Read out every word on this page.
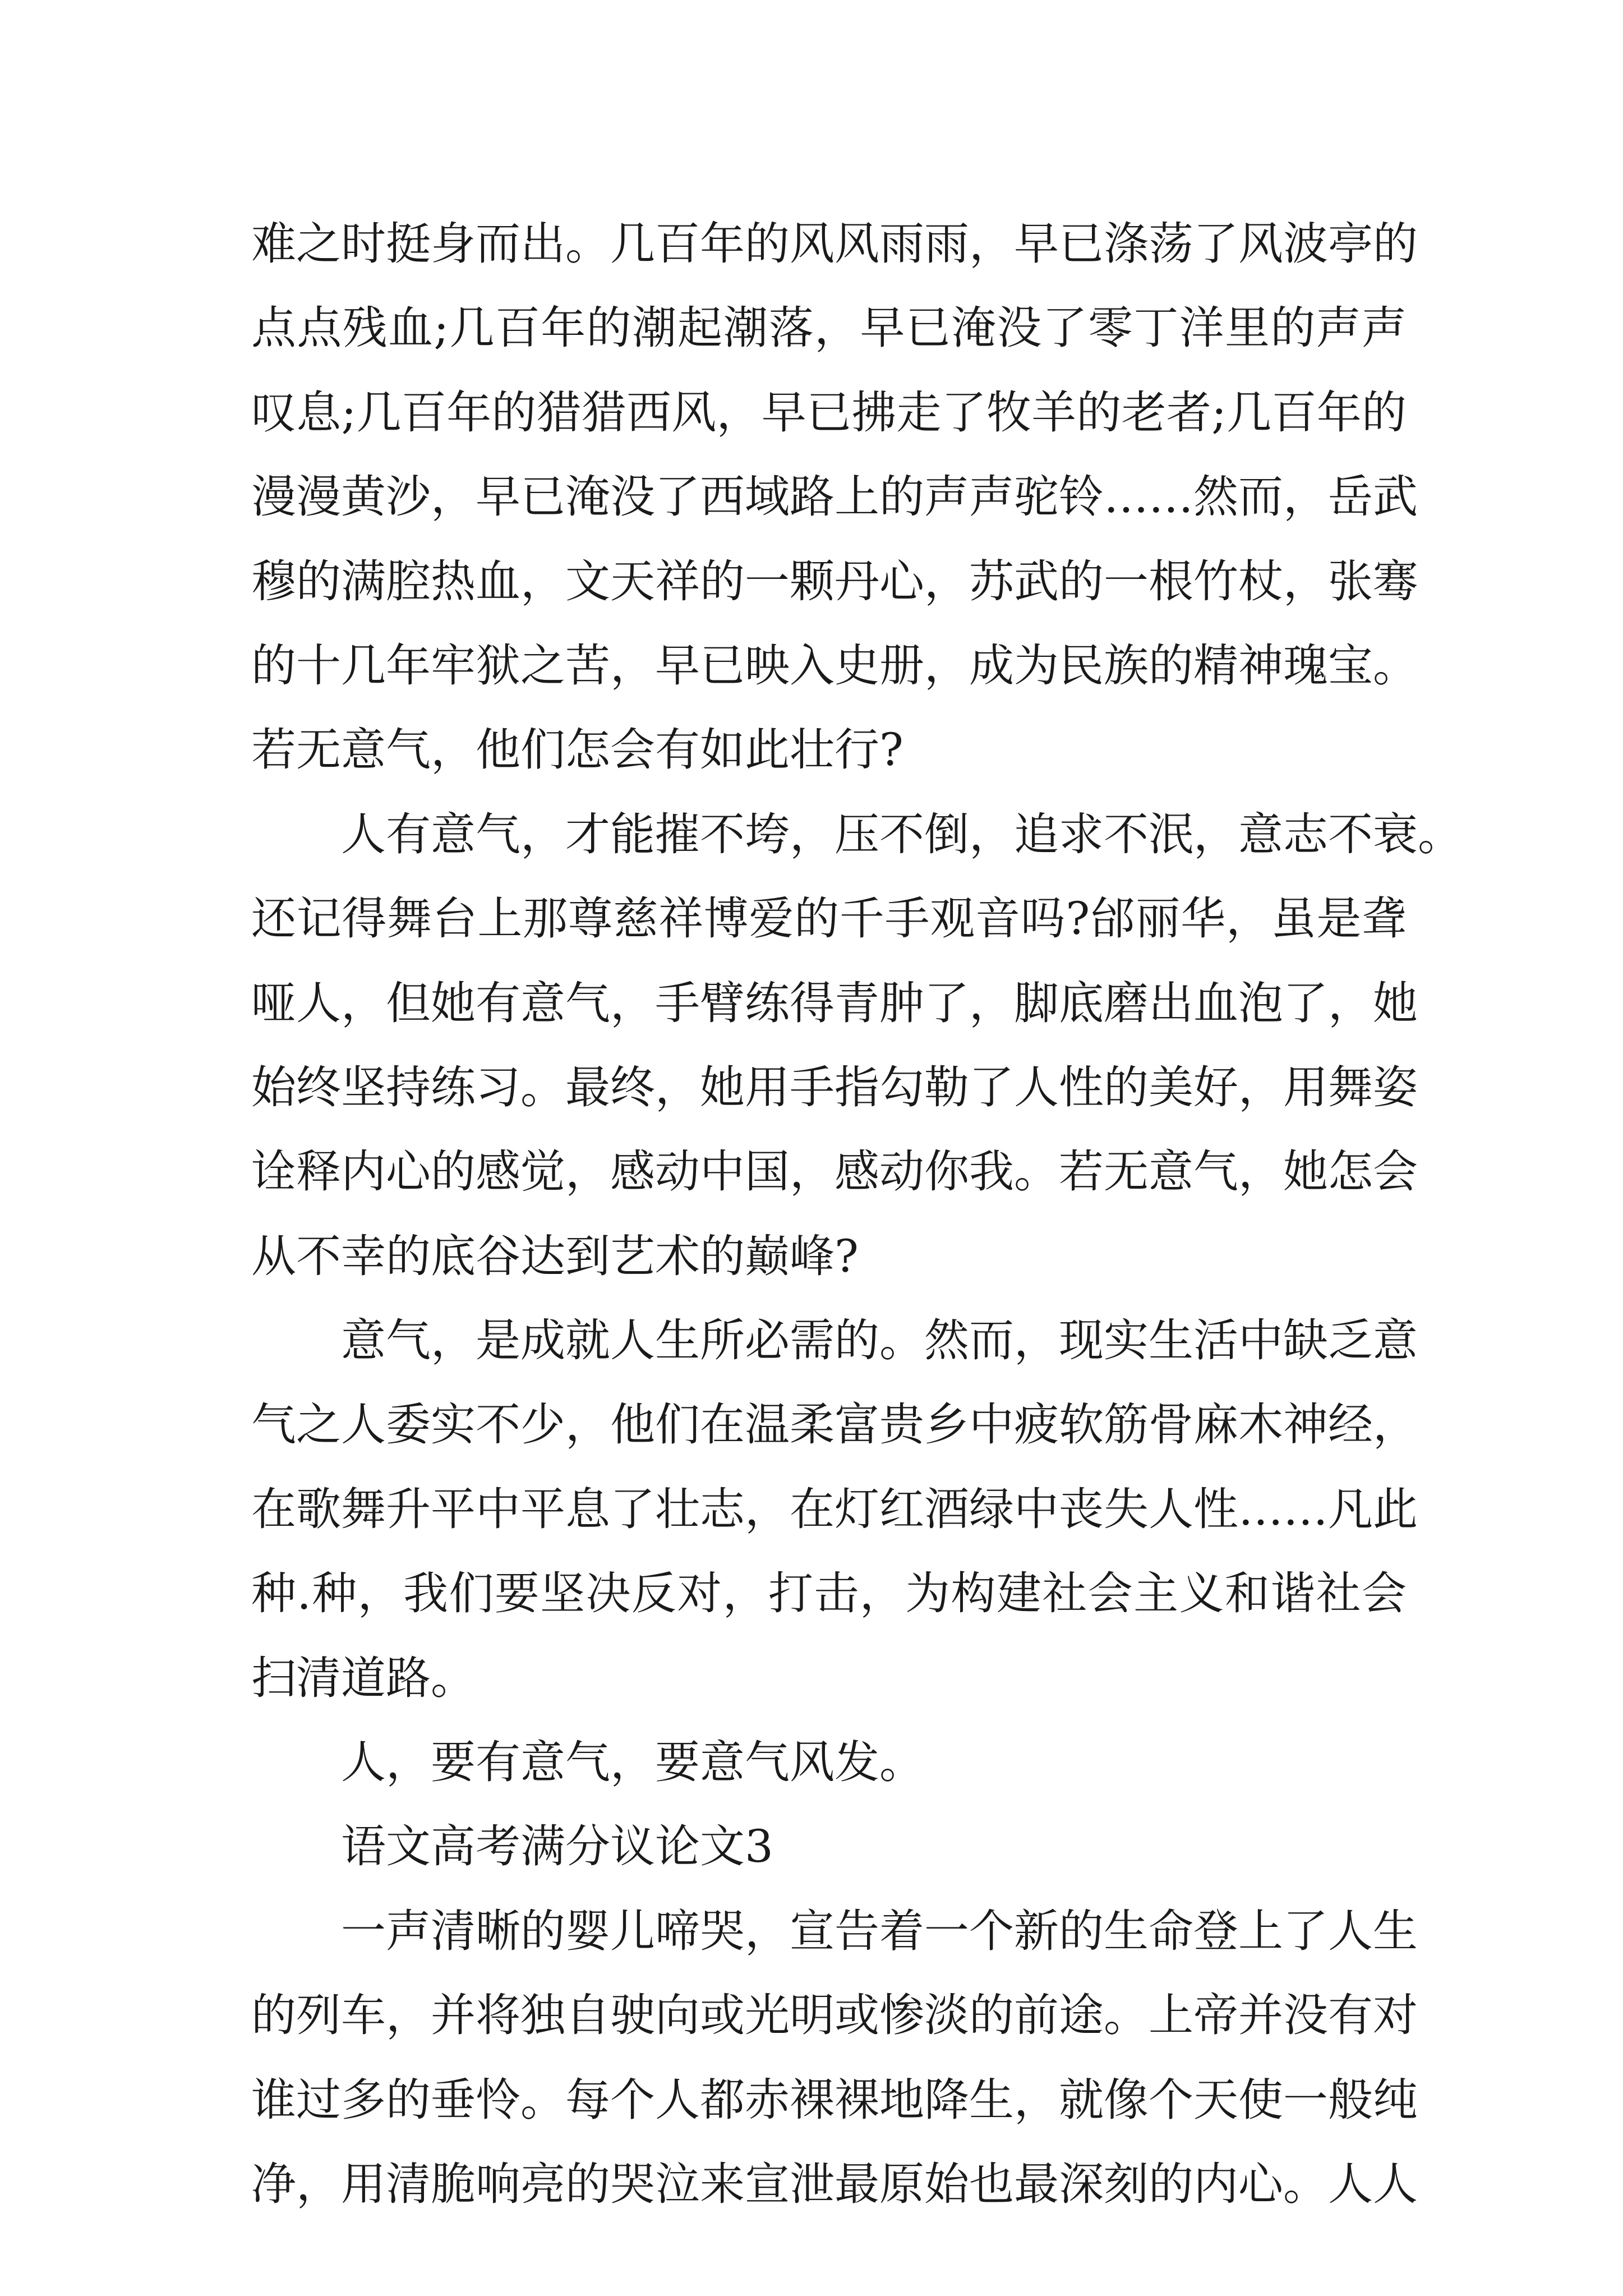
难之时挺身而出。几百年的风风雨雨，早已涤荡了风波亭的
点点残血;几百年的潮起潮落，早已淹没了零丁洋里的声声
叹息;几百年的猎猎西风，早已拂走了牧羊的老者;几百年的
漫漫黄沙，早已淹没了西域路上的声声驼铃……然而，岳武
穆的满腔热血，文天祥的一颗丹心，苏武的一根竹杖，张骞
的十几年牢狱之苦，早已映入史册，成为民族的精神瑰宝。
若无意气，他们怎会有如此壮行?
人有意气，才能摧不垮，压不倒，追求不泯，意志不衰。
还记得舞台上那尊慈祥博爱的千手观音吗?邰丽华，虽是聋
哑人，但她有意气，手臂练得青肿了，脚底磨出血泡了，她
始终坚持练习。最终，她用手指勾勒了人性的美好，用舞姿
诠释内心的感觉，感动中国，感动你我。若无意气，她怎会
从不幸的底谷达到艺术的巅峰?
意气，是成就人生所必需的。然而，现实生活中缺乏意
气之人委实不少，他们在温柔富贵乡中疲软筋骨麻木神经，
在歌舞升平中平息了壮志，在灯红酒绿中丧失人性……凡此
种.种，我们要坚决反对，打击，为构建社会主义和谐社会
扫清道路。
人，要有意气，要意气风发。
语文高考满分议论文3
一声清晰的婴儿啼哭，宣告着一个新的生命登上了人生
的列车，并将独自驶向或光明或惨淡的前途。上帝并没有对
谁过多的垂怜。每个人都赤裸裸地降生，就像个天使一般纯
净，用清脆响亮的哭泣来宣泄最原始也最深刻的内心。人人
